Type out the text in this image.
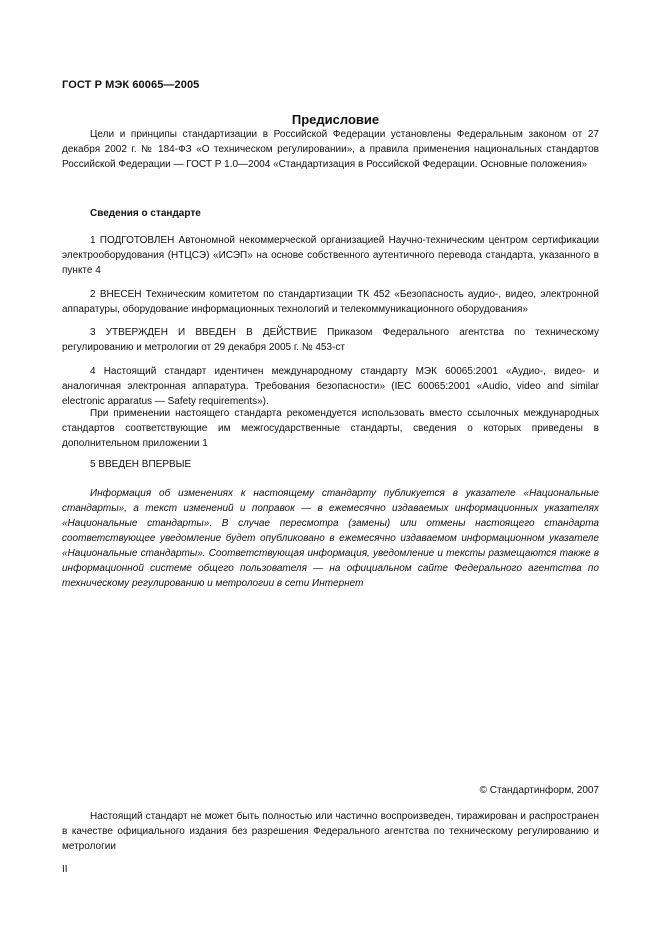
ГОСТ Р МЭК 60065—2005
Предисловие

Цели и принципы стандартизации в Российской Федерации установлены Федеральным законом от 27 декабря 2002 г. № 184-ФЗ «О техническом регулировании», а правила применения национальных стандартов Российской Федерации — ГОСТ Р 1.0—2004 «Стандартизация в Российской Федерации. Основные положения»

Сведения о стандарте

1 ПОДГОТОВЛЕН Автономной некоммерческой организацией Научно-техническим центром сертификации электрооборудования (НТЦСЭ) «ИСЭП» на основе собственного аутентичного перевода стандарта, указанного в пункте 4

2 ВНЕСЕН Техническим комитетом по стандартизации ТК 452 «Безопасность аудио-, видео, электронной аппаратуры, оборудование информационных технологий и телекоммуникационного оборудования»

3 УТВЕРЖДЕН И ВВЕДЕН В ДЕЙСТВИЕ Приказом Федерального агентства по техническому регулированию и метрологии от 29 декабря 2005 г. № 453-ст

4 Настоящий стандарт идентичен международному стандарту МЭК 60065:2001 «Аудио-, видео- и аналогичная электронная аппаратура. Требования безопасности» (IEC 60065:2001 «Audio, video and similar electronic apparatus — Safety requirements»).

При применении настоящего стандарта рекомендуется использовать вместо ссылочных международных стандартов соответствующие им межгосударственные стандарты, сведения о которых приведены в дополнительном приложении 1

5 ВВЕДЕН ВПЕРВЫЕ

Информация об изменениях к настоящему стандарту публикуется в указателе «Национальные стандарты», а текст изменений и поправок — в ежемесячно издаваемых информационных указателях «Национальные стандарты». В случае пересмотра (замены) или отмены настоящего стандарта соответствующее уведомление будет опубликовано в ежемесячно издаваемом информационном указателе «Национальные стандарты». Соответствующая информация, уведомление и тексты размещаются также в информационной системе общего пользователя — на официальном сайте Федерального агентства по техническому регулированию и метрологии в сети Интернет

© Стандартинформ, 2007

Настоящий стандарт не может быть полностью или частично воспроизведен, тиражирован и распространен в качестве официального издания без разрешения Федерального агентства по техническому регулированию и метрологии

II
